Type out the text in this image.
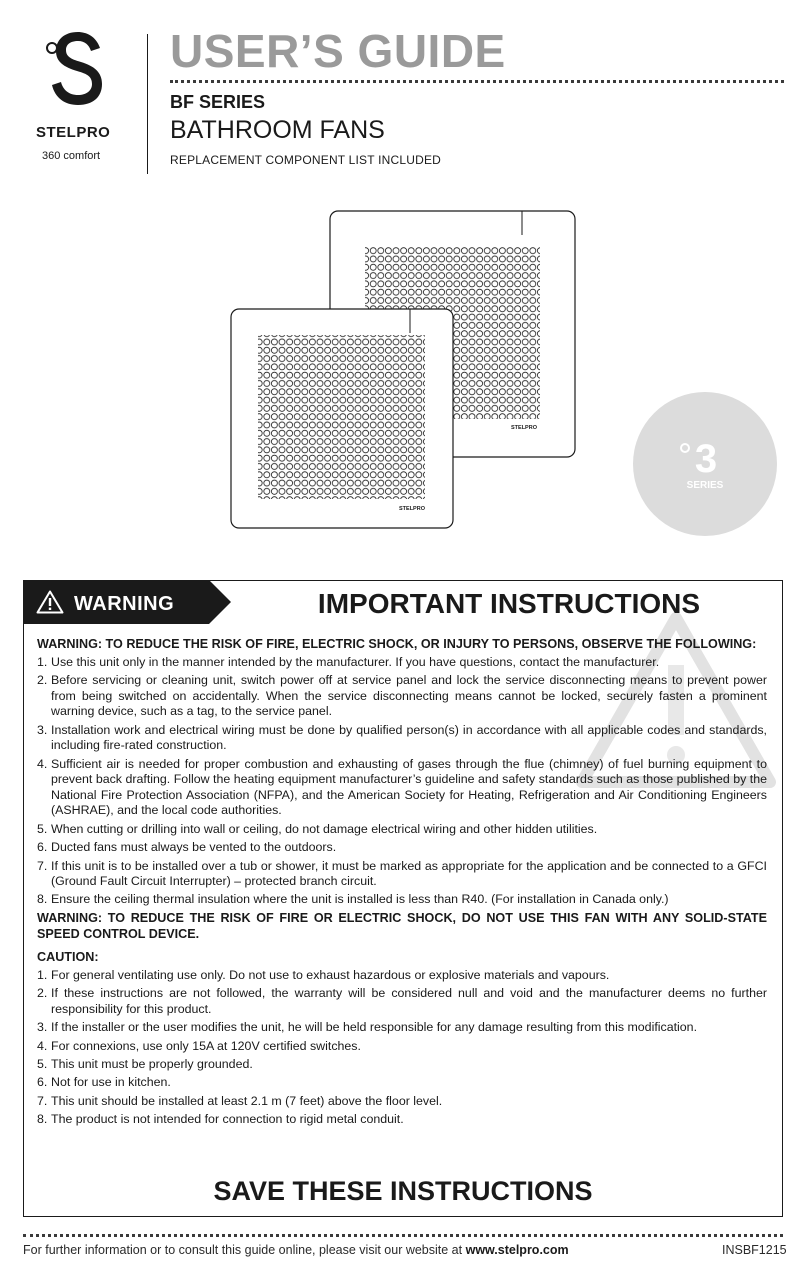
STELPRO
360 comfort
USER’S GUIDE
BF SERIES
BATHROOM FANS
REPLACEMENT COMPONENT LIST INCLUDED
STELPRO
STELPRO
3
SERIES
WARNING	IMPORTANT INSTRUCTIONS

WARNING: TO REDUCE THE RISK OF FIRE, ELECTRIC SHOCK, OR INJURY TO PERSONS, OBSERVE THE FOLLOWING:

1. Use this unit only in the manner intended by the manufacturer. If you have questions, contact the manufacturer.
2. Before servicing or cleaning unit, switch power off at service panel and lock the service disconnecting means to prevent power from being switched on accidentally. When the service disconnecting means cannot be locked, securely fasten a prominent warning device, such as a tag, to the service panel.
3. Installation work and electrical wiring must be done by qualified person(s) in accordance with all applicable codes and standards, including fire-rated construction.
4. Sufficient air is needed for proper combustion and exhausting of gases through the flue (chimney) of fuel burning equipment to prevent back drafting. Follow the heating equipment manufacturer’s guideline and safety standards such as those published by the National Fire Protection Association (NFPA), and the American Society for Heating, Refrigeration and Air Conditioning Engineers (ASHRAE), and the local code authorities.
5. When cutting or drilling into wall or ceiling, do not damage electrical wiring and other hidden utilities.
6. Ducted fans must always be vented to the outdoors.
7. If this unit is to be installed over a tub or shower, it must be marked as appropriate for the application and be connected to a GFCI (Ground Fault Circuit Interrupter) – protected branch circuit.
8. Ensure the ceiling thermal insulation where the unit is installed is less than R40. (For installation in Canada only.)

WARNING: TO REDUCE THE RISK OF FIRE OR ELECTRIC SHOCK, DO NOT USE THIS FAN WITH ANY SOLID-STATE SPEED CONTROL DEVICE.

CAUTION:

1. For general ventilating use only. Do not use to exhaust hazardous or explosive materials and vapours.
2. If these instructions are not followed, the warranty will be considered null and void and the manufacturer deems no further responsibility for this product.
3. If the installer or the user modifies the unit, he will be held responsible for any damage resulting from this modification.
4. For connexions, use only 15A at 120V certified switches.
5. This unit must be properly grounded.
6. Not for use in kitchen.
7. This unit should be installed at least 2.1 m (7 feet) above the floor level.
8. The product is not intended for connection to rigid metal conduit.
SAVE THESE INSTRUCTIONS
For further information or to consult this guide online, please visit our website at www.stelpro.com	INSBF1215
